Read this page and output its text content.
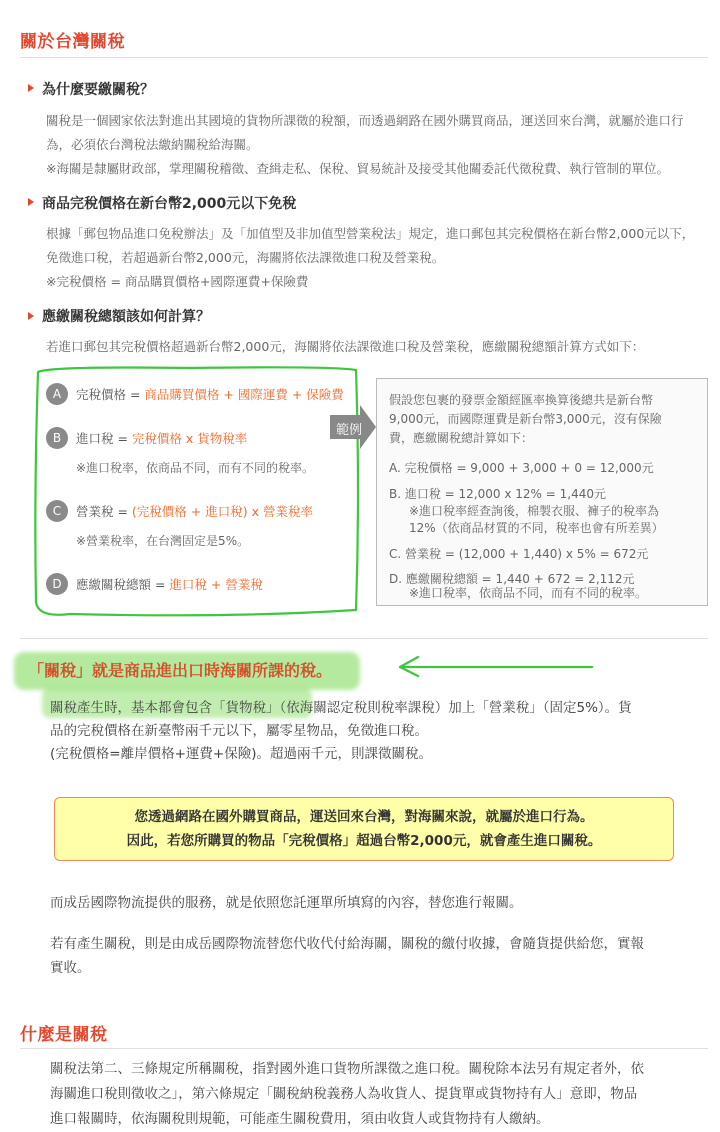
關於台灣關稅
為什麼要繳關稅？
關稅是一個國家依法對進出其國境的貨物所課徵的稅額，而透過網路在國外購買商品，運送回來台灣，就屬於進口行
為，必須依台灣稅法繳納關稅給海關。
※海關是隸屬財政部，掌理關稅稽徵、查緝走私、保稅、貿易統計及接受其他關委託代徵稅費、執行管制的單位。
商品完稅價格在新台幣2,000元以下免稅
根據「郵包物品進口免稅辦法」及「加值型及非加值型營業稅法」規定，進口郵包其完稅價格在新台幣2,000元以下，
免徵進口稅，若超過新台幣2,000元，海關將依法課徵進口稅及營業稅。
※完稅價格 = 商品購買價格+國際運費+保險費
應繳關稅總額該如何計算？
若進口郵包其完稅價格超過新台幣2,000元，海關將依法課徵進口稅及營業稅，應繳關稅總額計算方式如下：
A	完稅價格 = 商品購買價格 + 國際運費 + 保險費
B	進口稅 = 完稅價格 x 貨物稅率
※進口稅率，依商品不同，而有不同的稅率。
C	營業稅 = (完稅價格 + 進口稅) x 營業稅率
※營業稅率，在台灣固定是5%。
D	應繳關稅總額 = 進口稅 + 營業稅
範例
假設您包裹的發票金額經匯率換算後總共是新台幣
9,000元，而國際運費是新台幣3,000元，沒有保險
費，應繳關稅總計算如下：
A. 完稅價格 = 9,000 + 3,000 + 0 = 12,000元
B. 進口稅 = 12,000 x 12% = 1,440元
※進口稅率經查詢後，棉製衣服、褲子的稅率為
12%（依商品材質的不同，稅率也會有所差異）
C. 營業稅 = (12,000 + 1,440) x 5% = 672元
D. 應繳關稅總額 = 1,440 + 672 = 2,112元
※進口稅率，依商品不同，而有不同的稅率。
「關稅」就是商品進出口時海關所課的稅。
關稅產生時，基本都會包含「貨物稅」（依海關認定稅則稅率課稅）加上「營業稅」（固定5%）。貨
品的完稅價格在新臺幣兩千元以下，屬零星物品，免徵進口稅。
(完稅價格=離岸價格+運費+保險)。超過兩千元，則課徵關稅。
您透過網路在國外購買商品，運送回來台灣，對海關來說，就屬於進口行為。
因此，若您所購買的物品「完稅價格」超過台幣2,000元，就會產生進口關稅。
而成岳國際物流提供的服務，就是依照您託運單所填寫的內容，替您進行報關。
若有產生關稅，則是由成岳國際物流替您代收代付給海關，關稅的繳付收據，會隨貨提供給您，實報
實收。
什麼是關稅
關稅法第二、三條規定所稱關稅，指對國外進口貨物所課徵之進口稅。關稅除本法另有規定者外，依
海關進口稅則徵收之」，第六條規定「關稅納稅義務人為收貨人、提貨單或貨物持有人」意即，物品
進口報關時，依海關稅則規範，可能產生關稅費用，須由收貨人或貨物持有人繳納。
